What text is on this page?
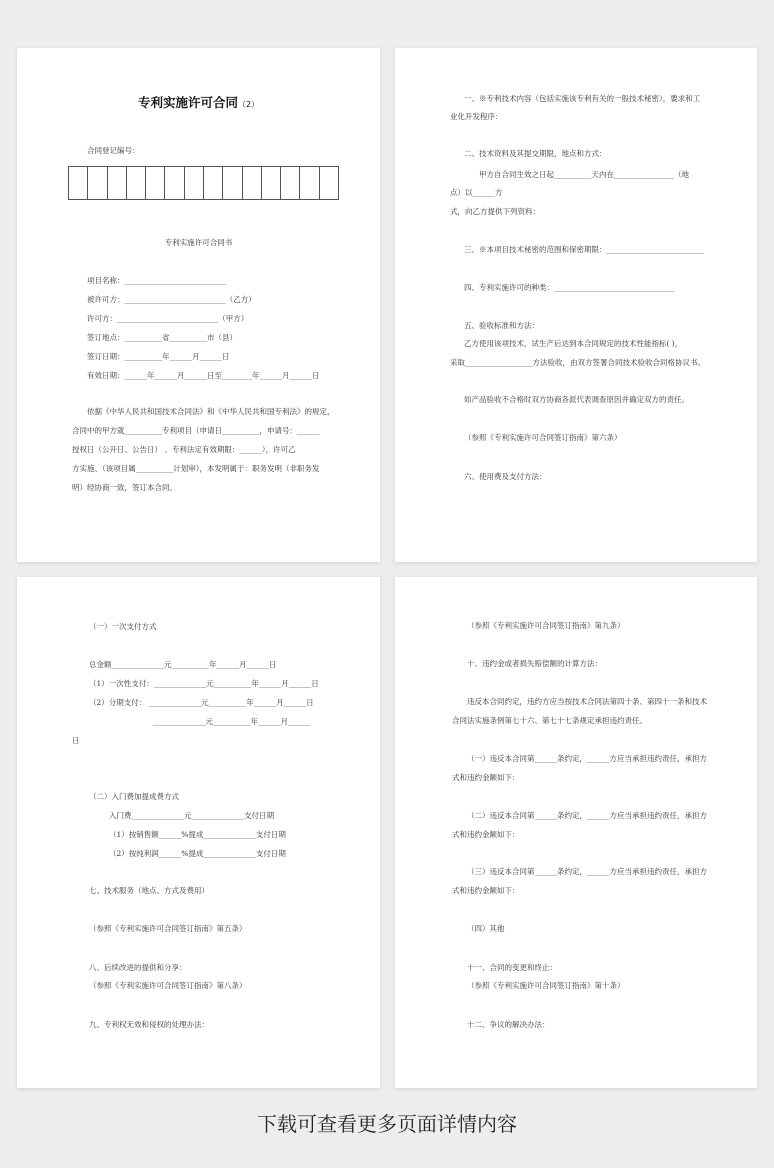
专利实施许可合同（2）
合同登记编号：
专利实施许可合同书
项目名称：___________________________
被许可方：___________________________（乙方）
许可方：___________________________（甲方）
签订地点：__________省__________市（县）
签订日期：__________年______月______日
有效日期：______年______月______日至________年______月______日
依据《中华人民共和国技术合同法》和《中华人民共和国专利法》的规定，
合同中的甲方就__________专利项目（申请日__________，申请号：______
授权日（公开日、公告日） 、专利法定有效期限：______），许可乙
方实施、（该项目属__________计划审），本发明属于：职务发明（非职务发
明）经协商一致，签订本合同。
一、※专利技术内容（包括实施该专利有关的一般技术秘密），要求和工
业化开发程序：
二、技术资料及其提交期限，地点和方式：
甲方自合同生效之日起__________天内在________________（地
点）以______方
式，向乙方提供下列资料：
三、※本项目技术秘密的范围和保密期限：__________________________
四、专利实施许可的种类：________________________________
五、验收标准和方法：
乙方使用该项技术，试生产后达到本合同规定的技术性能指标( )，
采取__________________方法验收，由双方签署合同技术验收合同格协议书。
如产品验收不合格时双方协商各派代表调查原因并确定双方的责任。
（参照《专利实施许可合同签订指南》第六条）
六、使用费及支付方法：
（一）一次支付方式
总金额______________元__________年______月______日
（1）一次性支付：______________元__________年______月______日
（2）分期支付： ______________元__________年______月______日
______________元__________年______月______
日
（二）入门费加提成费方式
入门费______________元______________支付日期
（1）按销售额______%提成______________支付日期
（2）按纯利润______%提成______________支付日期
七、技术服务（地点、方式及费用）
（参照《专利实施许可合同签订指南》第五条）
八、后续改进的提供和分享：
（参照《专利实施许可合同签订指南》第八条）
九、专利权无效和侵权的处理办法：
（参照《专利实施许可合同签订指南》第九条）
十、违约金或者损失赔偿额的计算方法：
违反本合同约定，违约方应当按技术合同法第四十条、第四十一条和技术
合同法实施条例第七十六、第七十七条规定承担违约责任。
（一）违反本合同第______条约定，______方应当承担违约责任，承担方
式和违约金额如下：
（二）违反本合同第______条约定，______方应当承担违约责任，承担方
式和违约金额如下：
（三）违反本合同第______条约定，______方应当承担违约责任，承担方
式和违约金额如下：
（四）其他
十一、合同的变更和终止：
（参照《专利实施许可合同签订指南》第十条）
十二、争议的解决办法：
下载可查看更多页面详情内容
